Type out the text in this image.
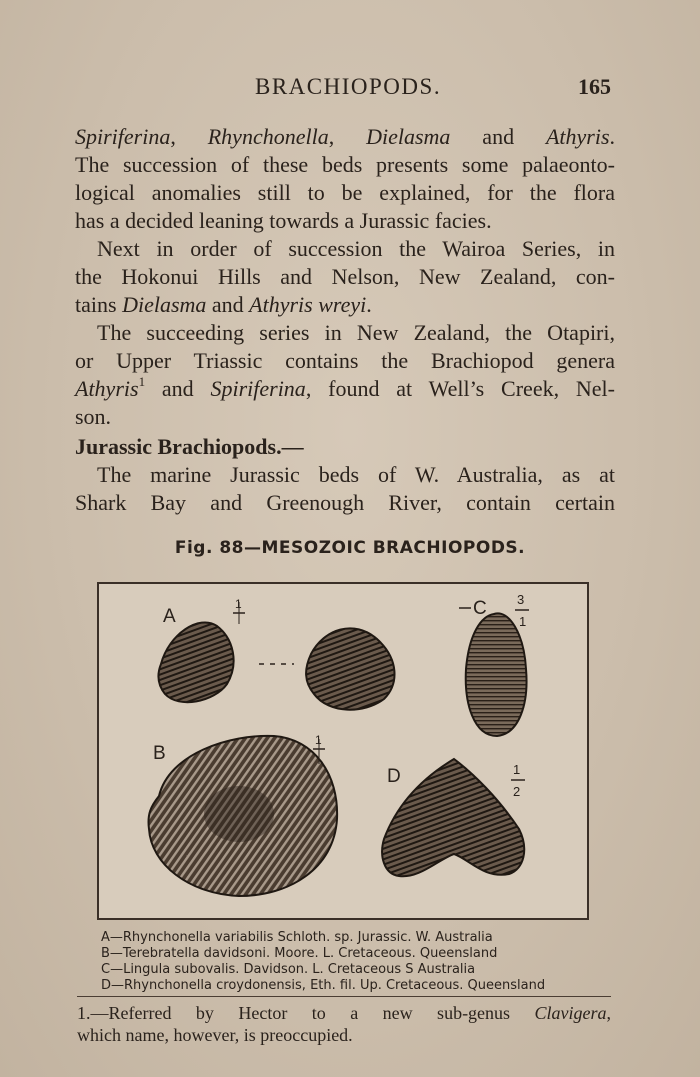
BRACHIOPODS.	165
Spiriferina, Rhynchonella, Dielasma and Athyris.
The succession of these beds presents some palaeonto-
logical anomalies still to be explained, for the flora
has a decided leaning towards a Jurassic facies.
Next in order of succession the Wairoa Series, in
the Hokonui Hills and Nelson, New Zealand, con-
tains Dielasma and Athyris wreyi.
The succeeding series in New Zealand, the Otapiri,
or Upper Triassic contains the Brachiopod genera
Athyris$^1$ and Spiriferina, found at Well’s Creek, Nel-
son.
Jurassic Brachiopods.—
The marine Jurassic beds of W. Australia, as at
Shark Bay and Greenough River, contain certain
Fig. 88—MESOZOIC BRACHIOPODS.
A
1	C 3
1
B
1
D	1
2
A—Rhynchonella variabilis Schloth. sp. Jurassic. W. Australia
B—Terebratella davidsoni. Moore. L. Cretaceous. Queensland
C—Lingula subovalis. Davidson. L. Cretaceous S Australia
D—Rhynchonella croydonensis, Eth. fil. Up. Cretaceous. Queensland
1.—Referred by Hector to a new sub-genus Clavigera,
which name, however, is preoccupied.
